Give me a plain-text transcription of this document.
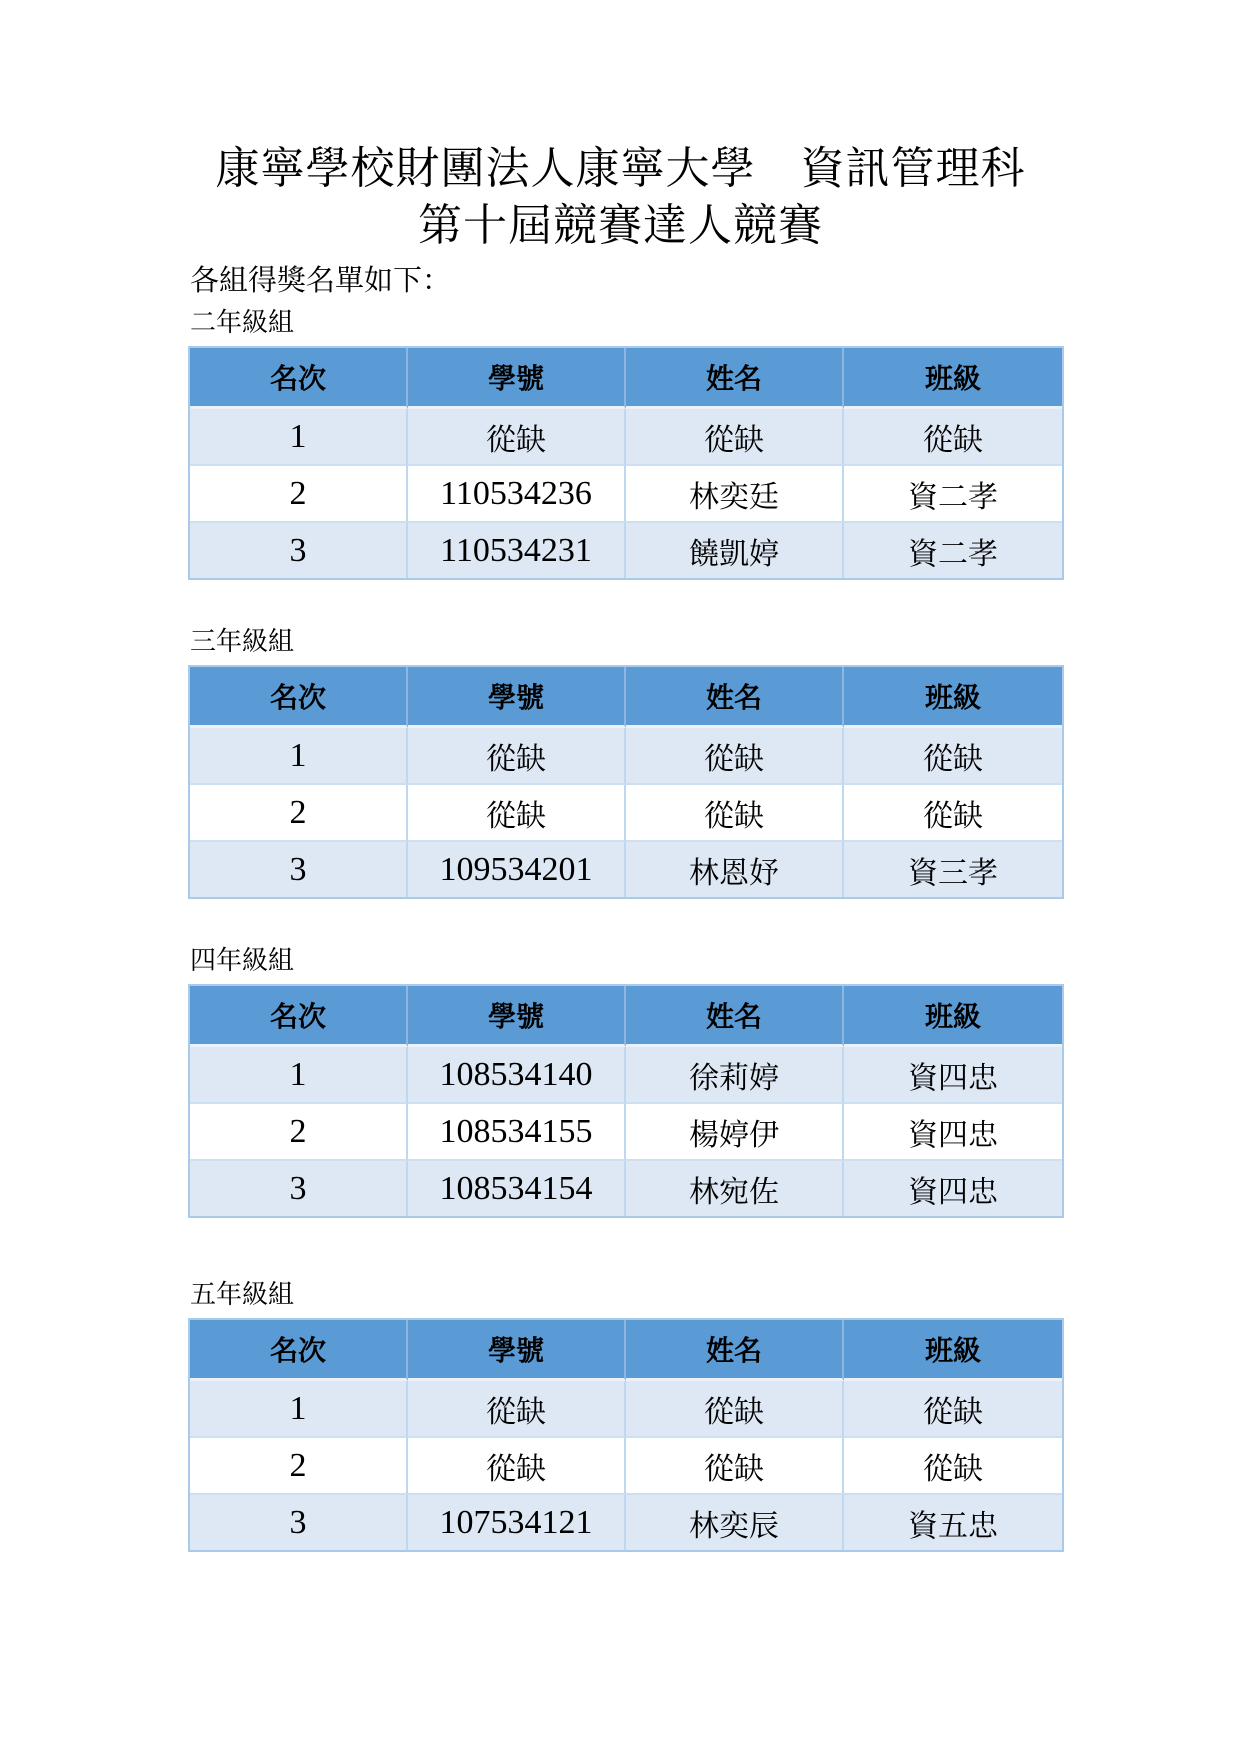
康寧學校財團法人康寧大學　資訊管理科
第十屆競賽達人競賽

各組得獎名單如下：

二年級組
名次	學號	姓名	班級
1	從缺	從缺	從缺
2	110534236	林奕廷	資二孝
3	110534231	饒凱婷	資二孝
三年級組
名次	學號	姓名	班級
1	從缺	從缺	從缺
2	從缺	從缺	從缺
3	109534201	林恩妤	資三孝
四年級組
名次	學號	姓名	班級
1	108534140	徐莉婷	資四忠
2	108534155	楊婷伊	資四忠
3	108534154	林宛佐	資四忠
五年級組
名次	學號	姓名	班級
1	從缺	從缺	從缺
2	從缺	從缺	從缺
3	107534121	林奕辰	資五忠
